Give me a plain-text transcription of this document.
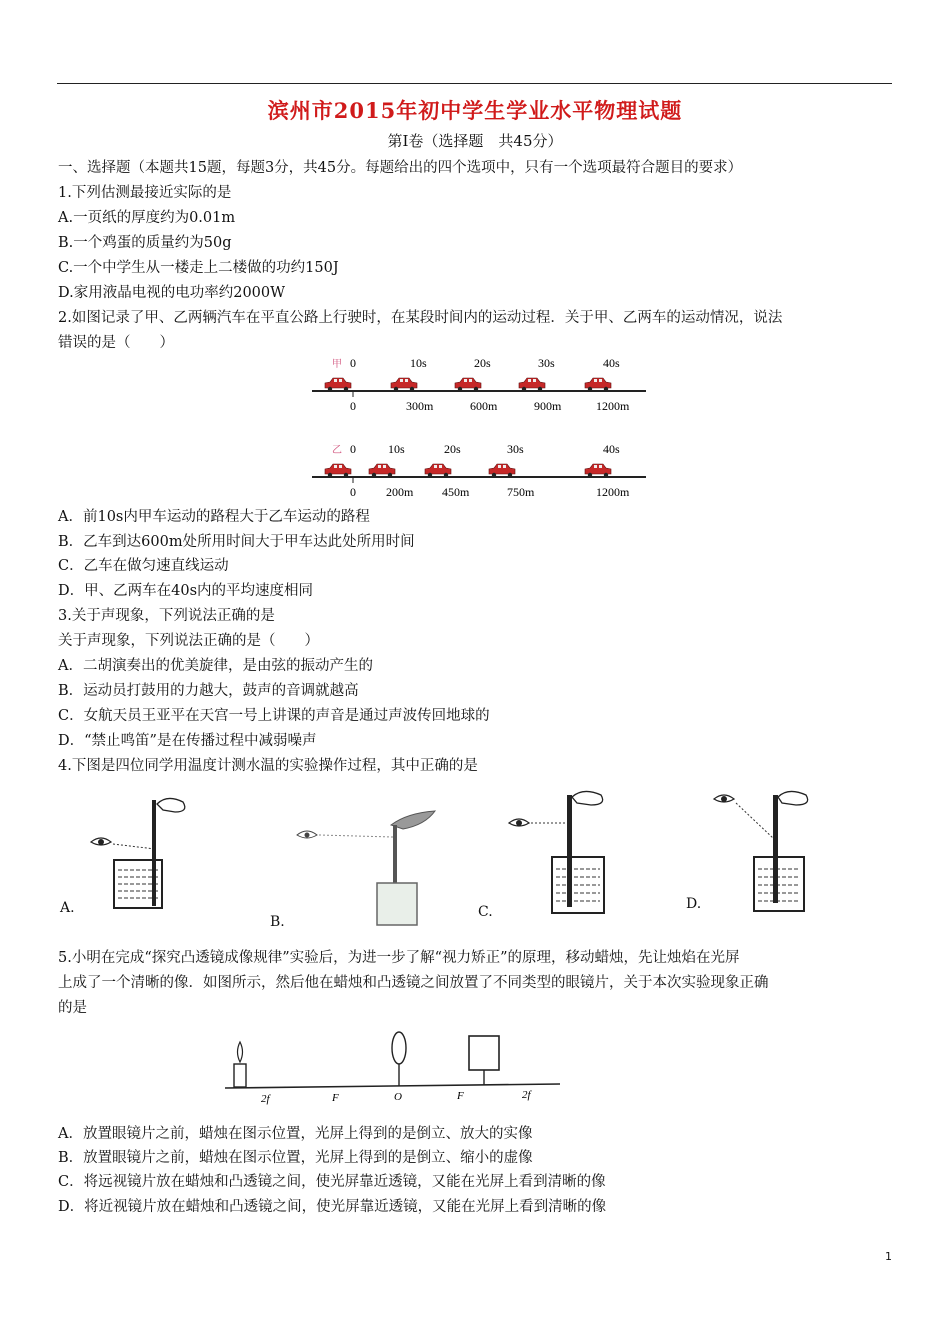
滨州市2015年初中学生学业水平物理试题
第Ⅰ卷（选择题　共45分）
一、选择题（本题共15题，每题3分，共45分。每题给出的四个选项中，只有一个选项最符合题目的要求）
1.下列估测最接近实际的是
A.一页纸的厚度约为0.01m
B.一个鸡蛋的质量约为50g
C.一个中学生从一楼走上二楼做的功约150J
D.家用液晶电视的电功率约2000W
2.如图记录了甲、乙两辆汽车在平直公路上行驶时，在某段时间内的运动过程．关于甲、乙两车的运动情况，说法
错误的是（　　）
甲 0	10s	20s	30s	40s
0	300m	600m	900m	1200m
乙 0	10s	20s	30s	40s
0	200m 450m	750m	1200m
A．前10s内甲车运动的路程大于乙车运动的路程
B．乙车到达600m处所用时间大于甲车达此处所用时间
C．乙车在做匀速直线运动
D．甲、乙两车在40s内的平均速度相同
3.关于声现象，下列说法正确的是
关于声现象，下列说法正确的是（　　）
A．二胡演奏出的优美旋律，是由弦的振动产生的
B．运动员打鼓用的力越大，鼓声的音调就越高
C．女航天员王亚平在天宫一号上讲课的声音是通过声波传回地球的
D．“禁止鸣笛”是在传播过程中减弱噪声
4.下图是四位同学用温度计测水温的实验操作过程，其中正确的是
A.
B.
C.	D.
5.小明在完成“探究凸透镜成像规律”实验后，为进一步了解“视力矫正”的原理，移动蜡烛，先让烛焰在光屏
上成了一个清晰的像．如图所示，然后他在蜡烛和凸透镜之间放置了不同类型的眼镜片，关于本次实验现象正确
的是
2f	F	O	F	2f
A．放置眼镜片之前，蜡烛在图示位置，光屏上得到的是倒立、放大的实像
B．放置眼镜片之前，蜡烛在图示位置，光屏上得到的是倒立、缩小的虚像
C．将远视镜片放在蜡烛和凸透镜之间，使光屏靠近透镜，又能在光屏上看到清晰的像
D．将近视镜片放在蜡烛和凸透镜之间，使光屏靠近透镜，又能在光屏上看到清晰的像
1
